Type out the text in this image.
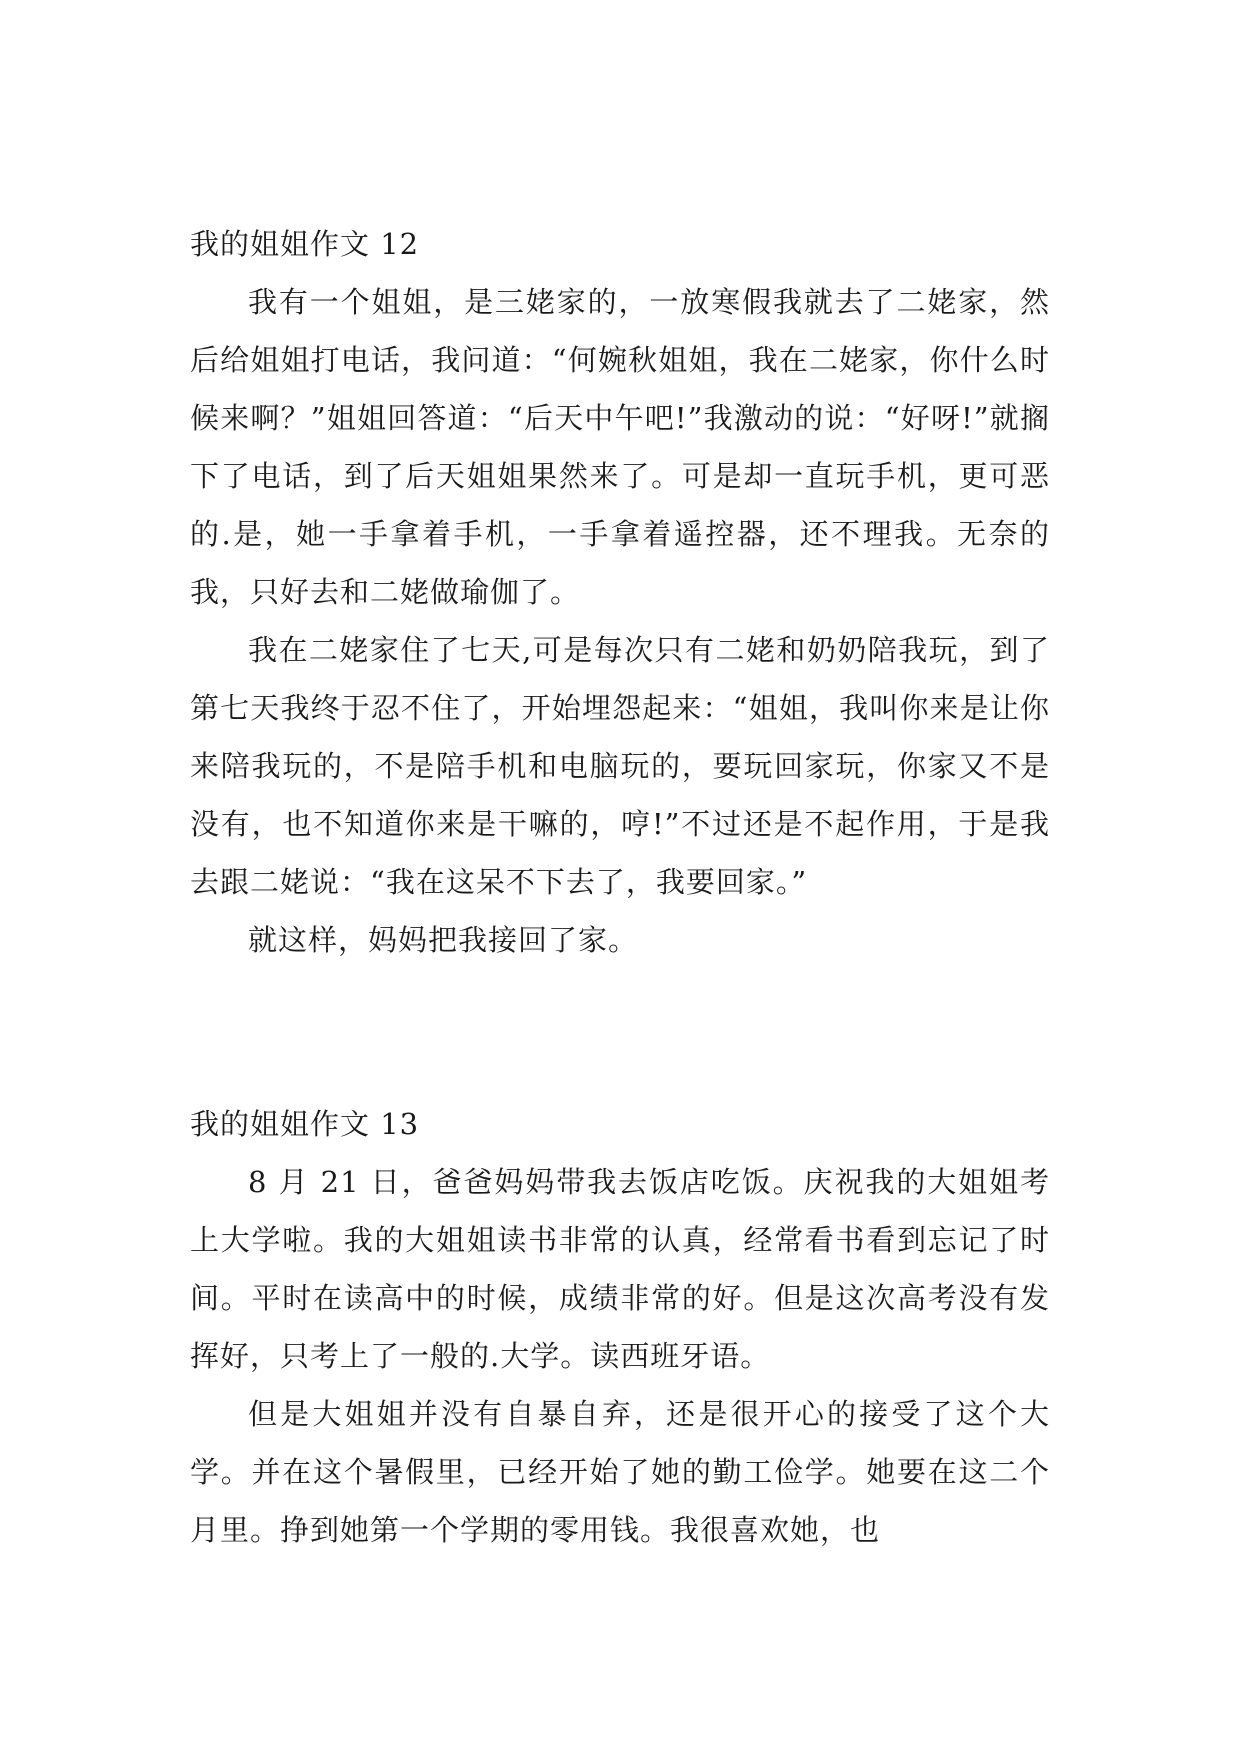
我的姐姐作文 12

我有一个姐姐，是三姥家的，一放寒假我就去了二姥家，然后给姐姐打电话，我问道：“何婉秋姐姐，我在二姥家，你什么时候来啊？”姐姐回答道：“后天中午吧!”我激动的说：“好呀!”就搁下了电话，到了后天姐姐果然来了。可是却一直玩手机，更可恶的.是，她一手拿着手机，一手拿着遥控器，还不理我。无奈的我，只好去和二姥做瑜伽了。

我在二姥家住了七天,可是每次只有二姥和奶奶陪我玩，到了第七天我终于忍不住了，开始埋怨起来：“姐姐，我叫你来是让你来陪我玩的，不是陪手机和电脑玩的，要玩回家玩，你家又不是没有，也不知道你来是干嘛的，哼!”不过还是不起作用，于是我去跟二姥说：“我在这呆不下去了，我要回家。”

就这样，妈妈把我接回了家。

我的姐姐作文 13

8 月 21 日，爸爸妈妈带我去饭店吃饭。庆祝我的大姐姐考上大学啦。我的大姐姐读书非常的认真，经常看书看到忘记了时间。平时在读高中的时候，成绩非常的好。但是这次高考没有发挥好，只考上了一般的.大学。读西班牙语。

但是大姐姐并没有自暴自弃，还是很开心的接受了这个大学。并在这个暑假里，已经开始了她的勤工俭学。她要在这二个月里。挣到她第一个学期的零用钱。我很喜欢她，也
